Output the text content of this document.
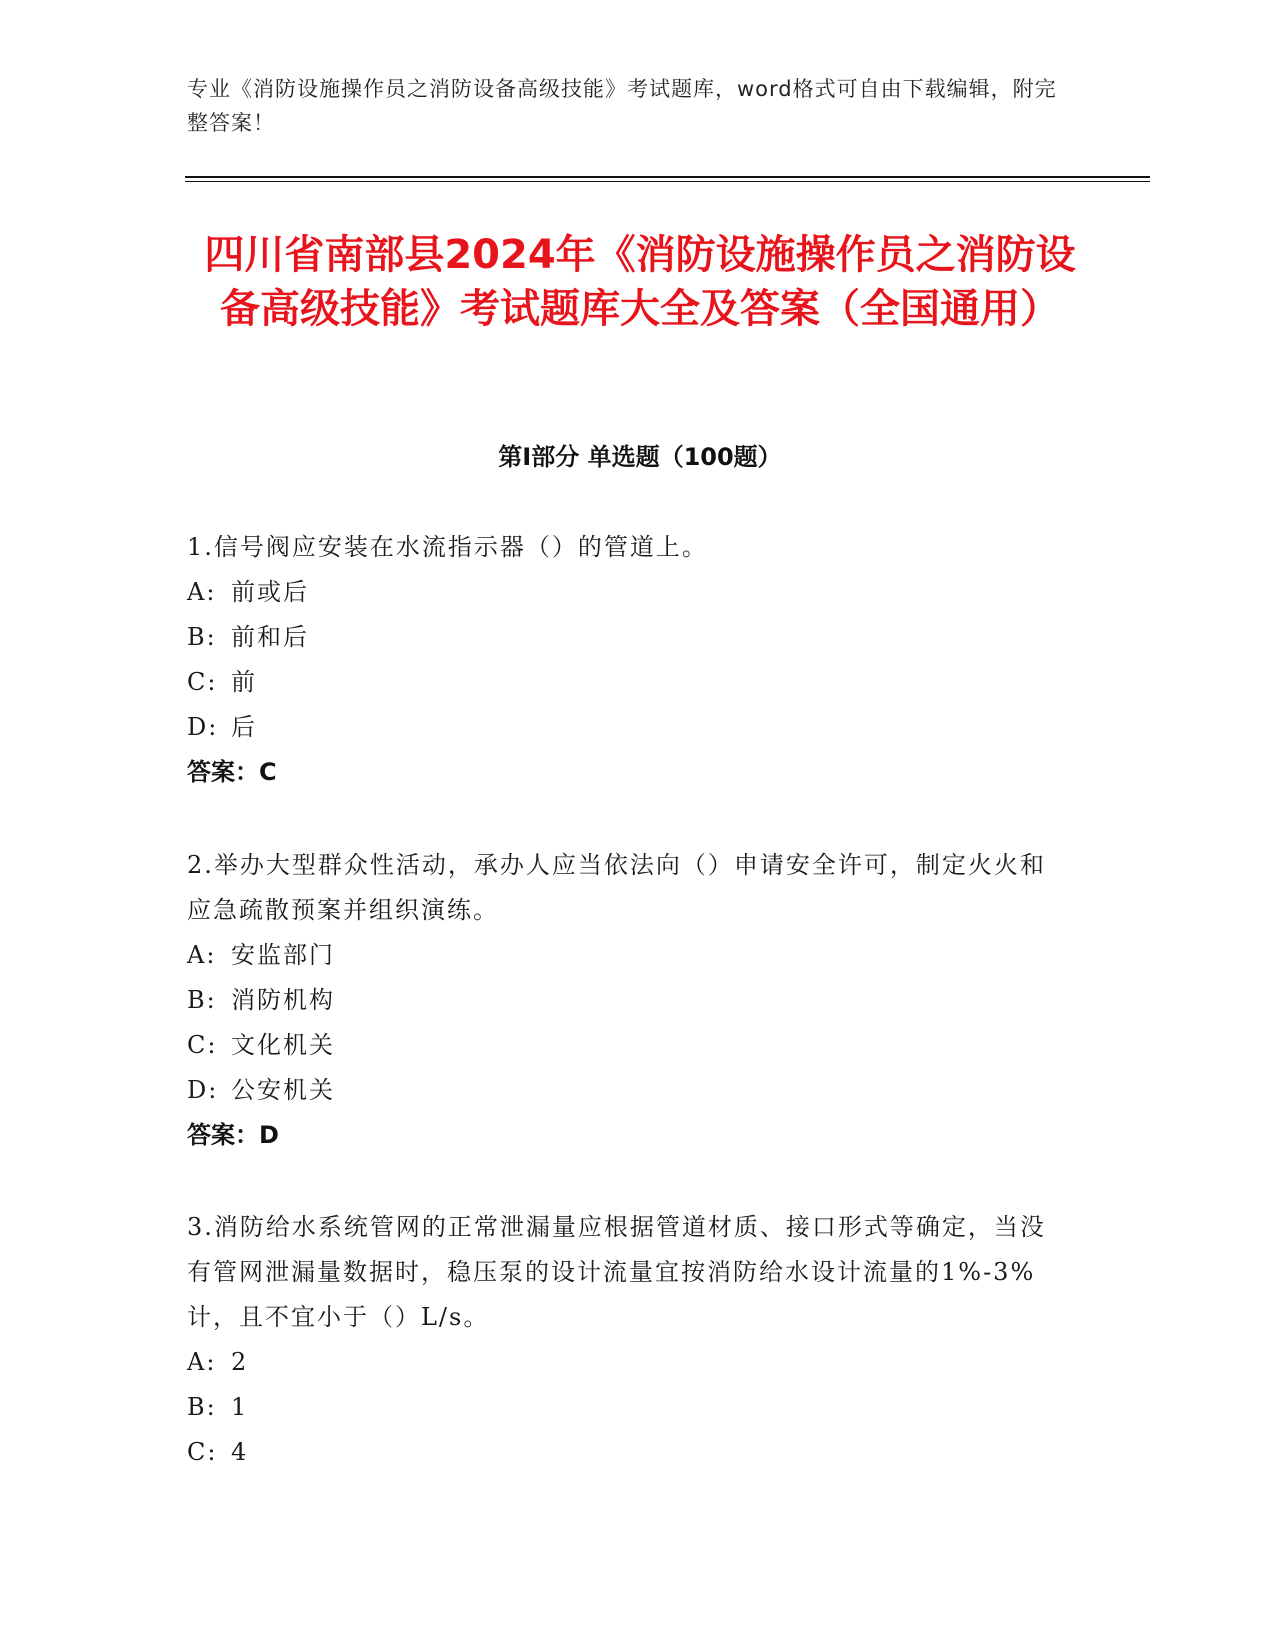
专业《消防设施操作员之消防设备高级技能》考试题库，word格式可自由下载编辑，附完整答案！
四川省南部县2024年《消防设施操作员之消防设备高级技能》考试题库大全及答案（全国通用）
第Ⅰ部分 单选题（100题）
1.信号阀应安装在水流指示器（）的管道上。
A: 前或后
B: 前和后
C: 前
D: 后
答案：C
2.举办大型群众性活动，承办人应当依法向（）申请安全许可，制定火火和应急疏散预案并组织演练。
A: 安监部门
B: 消防机构
C: 文化机关
D: 公安机关
答案：D
3.消防给水系统管网的正常泄漏量应根据管道材质、接口形式等确定，当没有管网泄漏量数据时，稳压泵的设计流量宜按消防给水设计流量的1%-3%计，且不宜小于（）L/s。
A: 2
B: 1
C: 4
